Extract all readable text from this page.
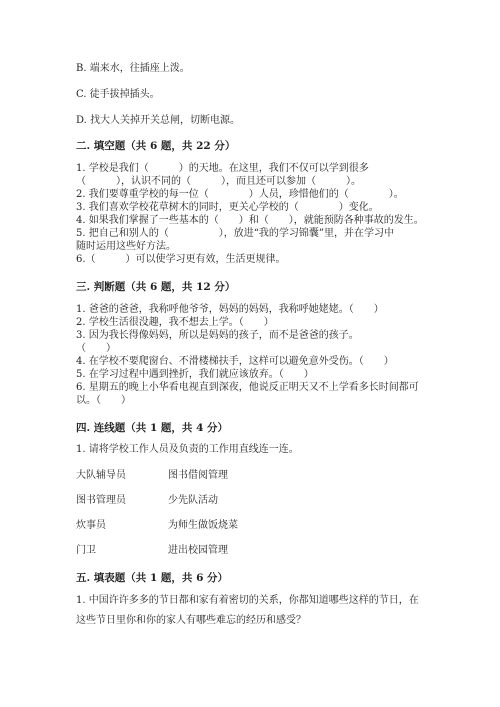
B. 端来水，往插座上泼。
C. 徒手拔掉插头。
D. 找大人关掉开关总闸，切断电源。
二. 填空题（共 6 题，共 22 分）
1. 学校是我们（　　　）的天地。在这里，我们不仅可以学到很多
（　　　），认识不同的（　　　），而且还可以参加（　　　）。
2. 我们要尊重学校的每一位（　　　　）人员，珍惜他们的（　　　　）。
3. 我们喜欢学校花草树木的同时，更关心学校的（　　　　）变化。
4. 如果我们掌握了一些基本的（　　）和（　　），就能预防各种事故的发生。
5. 把自己和别人的（　　　　　），放进“我的学习锦囊”里，并在学习中
随时运用这些好方法。
6.（　　　）可以使学习更有效，生活更规律。
三. 判断题（共 6 题，共 12 分）
1. 爸爸的爸爸，我称呼他爷爷，妈妈的妈妈，我称呼她姥姥。（　　）
2. 学校生活很没趣，我不想去上学。（　　）
3. 因为我长得像妈妈，所以是妈妈的孩子，而不是爸爸的孩子。
（　　）
4. 在学校不要爬窗台、不滑楼梯扶手，这样可以避免意外受伤。（　　）
5. 在学习过程中遇到挫折，我们就应该放弃。（　　）
6. 星期五的晚上小华看电视直到深夜，他说反正明天又不上学看多长时间都可
以。（　　）
四. 连线题（共 1 题，共 4 分）
1. 请将学校工作人员及负责的工作用直线连一连。
大队辅导员	图书借阅管理
图书管理员	少先队活动
炊事员	为师生做饭烧菜
门卫	进出校园管理
五. 填表题（共 1 题，共 6 分）
1. 中国许许多多的节日都和家有着密切的关系，你都知道哪些这样的节日，在
这些节日里你和你的家人有哪些难忘的经历和感受？
